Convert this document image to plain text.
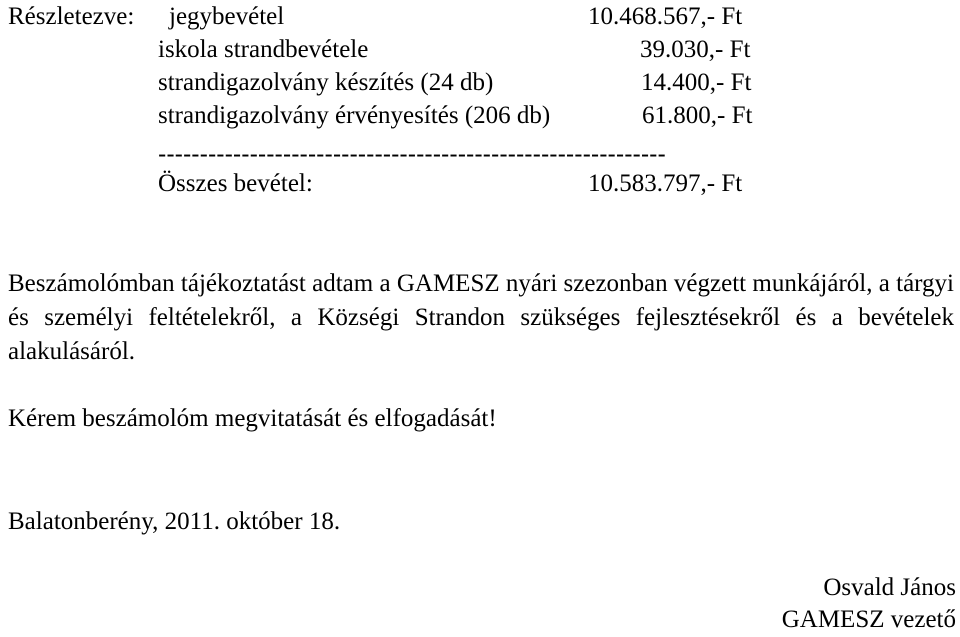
Részletezve: jegybevétel	10.468.567,- Ft
iskola strandbevétele	39.030,- Ft
strandigazolvány készítés (24 db)	14.400,- Ft
strandigazolvány érvényesítés (206 db)	61.800,- Ft
-------------------------------------------------------------
Összes bevétel:	10.583.797,- Ft
Beszámolómban tájékoztatást adtam a GAMESZ nyári szezonban végzett munkájáról, a tárgyi és személyi feltételekről, a Községi Strandon szükséges fejlesztésekről és a bevételek alakulásáról.
Kérem beszámolóm megvitatását és elfogadását!
Balatonberény, 2011. október 18.
Osvald János
GAMESZ vezető
